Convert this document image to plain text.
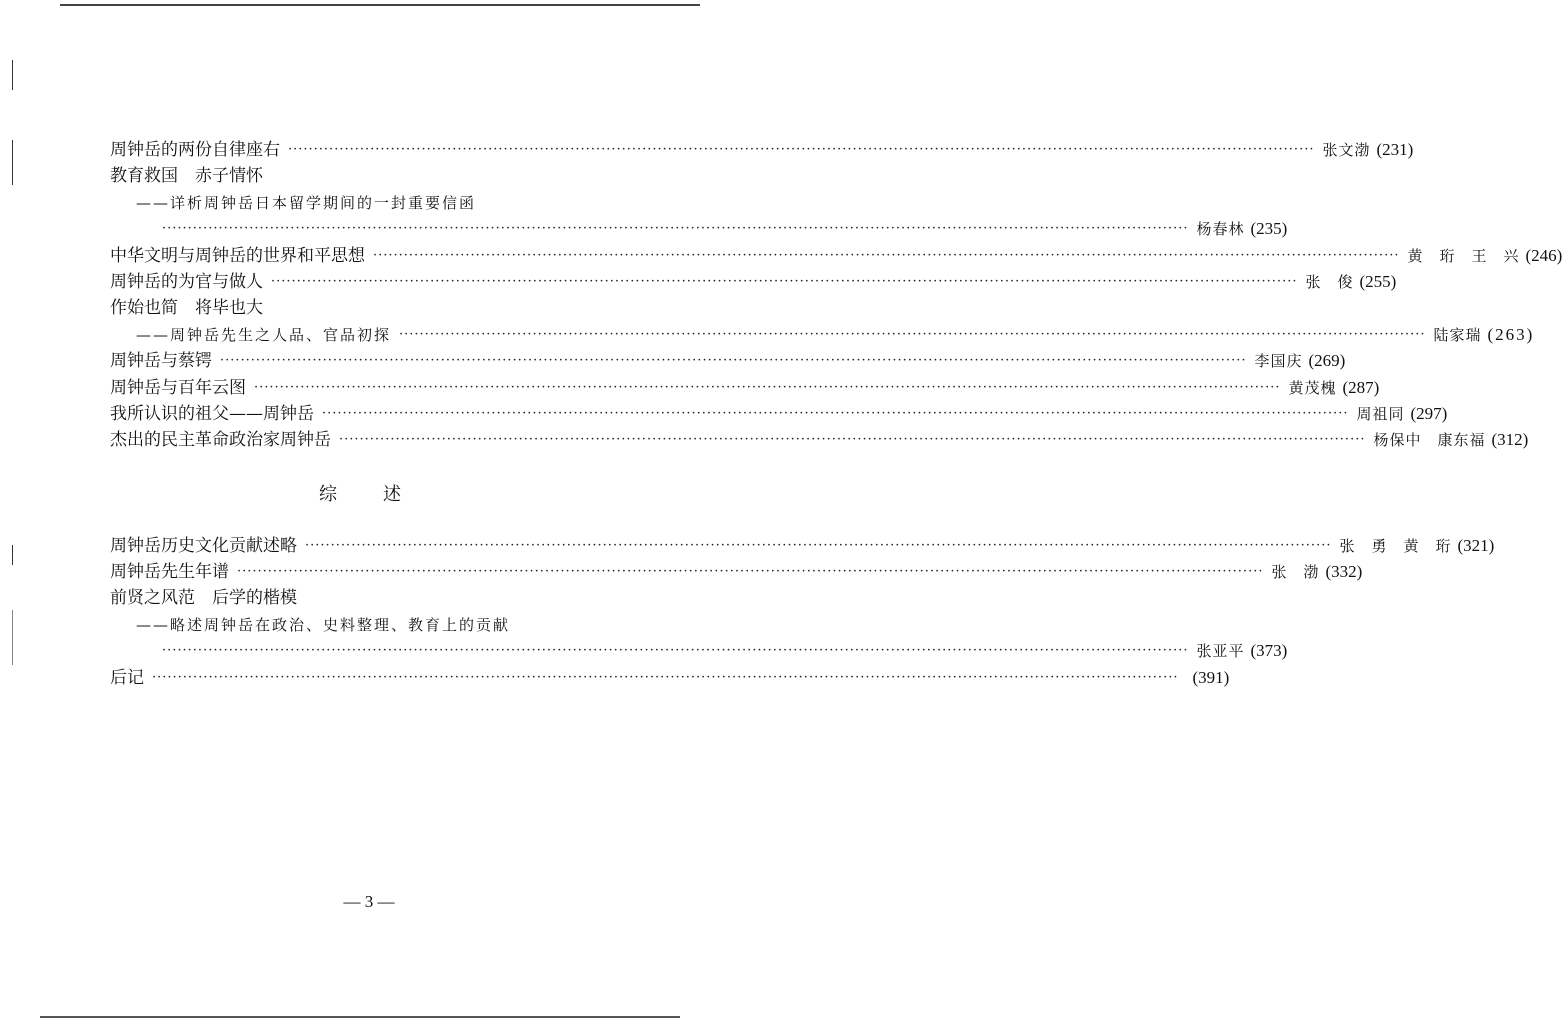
周钟岳的两份自律座右 ········································································································································································································ 张文渤 (231)
教育救国　赤子情怀
——详析周钟岳日本留学期间的一封重要信函
········································································································································································································ 杨春林 (235)
中华文明与周钟岳的世界和平思想 ········································································································································································································ 黄　珩　王　兴 (246)
周钟岳的为官与做人 ········································································································································································································ 张　俊 (255)
作始也简　将毕也大
——周钟岳先生之人品、官品初探 ········································································································································································································ 陆家瑞 (263)
周钟岳与蔡锷 ········································································································································································································ 李国庆 (269)
周钟岳与百年云图 ········································································································································································································ 黄茂槐 (287)
我所认识的祖父——周钟岳 ········································································································································································································ 周祖同 (297)
杰出的民主革命政治家周钟岳 ········································································································································································································ 杨保中　康东福 (312)
综述
周钟岳历史文化贡献述略 ········································································································································································································ 张　勇　黄　珩 (321)
周钟岳先生年谱 ········································································································································································································ 张　渤 (332)
前贤之风范　后学的楷模
——略述周钟岳在政治、史料整理、教育上的贡献
········································································································································································································ 张亚平 (373)
后记 ········································································································································································································ (391)
— 3 —
